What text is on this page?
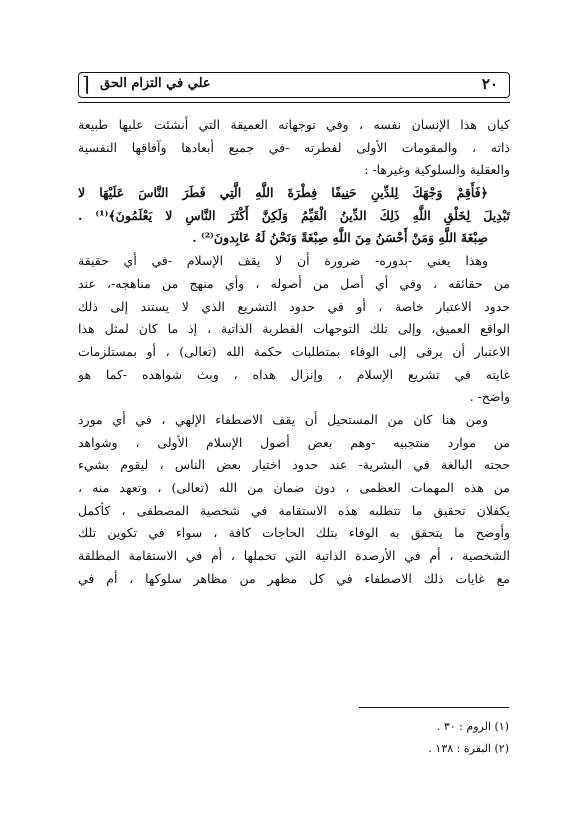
٢٠
علي في التزام الحق
⌈
كيان هذا الإنسان نفسه ، وفي توجهاته العميقة التي أنشئت عليها طبيعة
ذاته ، والمقومات الأولى لفطرته -في جميع أبعادها وآفاقها النفسية
والعقلية والسلوكية وغيرها- :
﴿فَأَقِمْ وَجْهَكَ لِلدِّينِ حَنِيفًا فِطْرَةَ اللَّهِ الَّتِي فَطَرَ النَّاسَ عَلَيْهَا لا
تَبْدِيلَ لِخَلْقِ اللَّهِ ذَلِكَ الدِّينُ الْقَيِّمُ وَلَكِنَّ أَكْثَرَ النَّاسِ لا يَعْلَمُونَ﴾⁽¹⁾ .
صِبْغَةَ اللَّهِ وَمَنْ أَحْسَنُ مِنَ اللَّهِ صِبْغَةً وَنَحْنُ لَهُ عَابِدونَ⁽²⁾ .
وهذا يعني -بدوره- ضرورة أن لا يقف الإسلام -في أي حقيقة
من حقائقه ، وفي أي أصل من أصوله ، وأي منهج من مناهجه-، عند
حدود الاعتبار خاصة ، أو في حدود التشريع الذي لا يستند إلى ذلك
الواقع العميق، وإلى تلك التوجهات الفطرية الذاتية ، إذ ما كان لمثل هذا
الاعتبار أن يرقى إلى الوفاء بمتطلبات حكمة الله (تعالى) ، أو بمستلزمات
غايته في تشريع الإسلام ، وإنزال هداه ، وبث شواهده -كما هو
واضح- .
ومن هنا كان من المستحيل أن يقف الاصطفاء الإلهي ، في أي مورد
من موارد منتجبيه -وهم بعض أصول الإسلام الأولى ، وشواهد
حجته البالغة في البشرية- عند حدود اختيار بعض الناس ، ليقوم بشيء
من هذه المهمات العظمى ، دون ضمان من الله (تعالى) ، وتعهد منه ،
يكفلان تحقيق ما تتطلبه هذه الاستقامة في شخصية المصطفى ، كأكمل
وأوضح ما يتحقق به الوفاء بتلك الحاجات كافة ، سواء في تكوين تلك
الشخصية ، أم في الأرصدة الذاتية التي تحملها ، أم في الاستقامة المطلقة
مع غايات ذلك الاصطفاء في كل مظهر من مظاهر سلوكها ، أم في
(١) الروم : ٣٠ .
(٢) البقرة : ١٣٨ .
